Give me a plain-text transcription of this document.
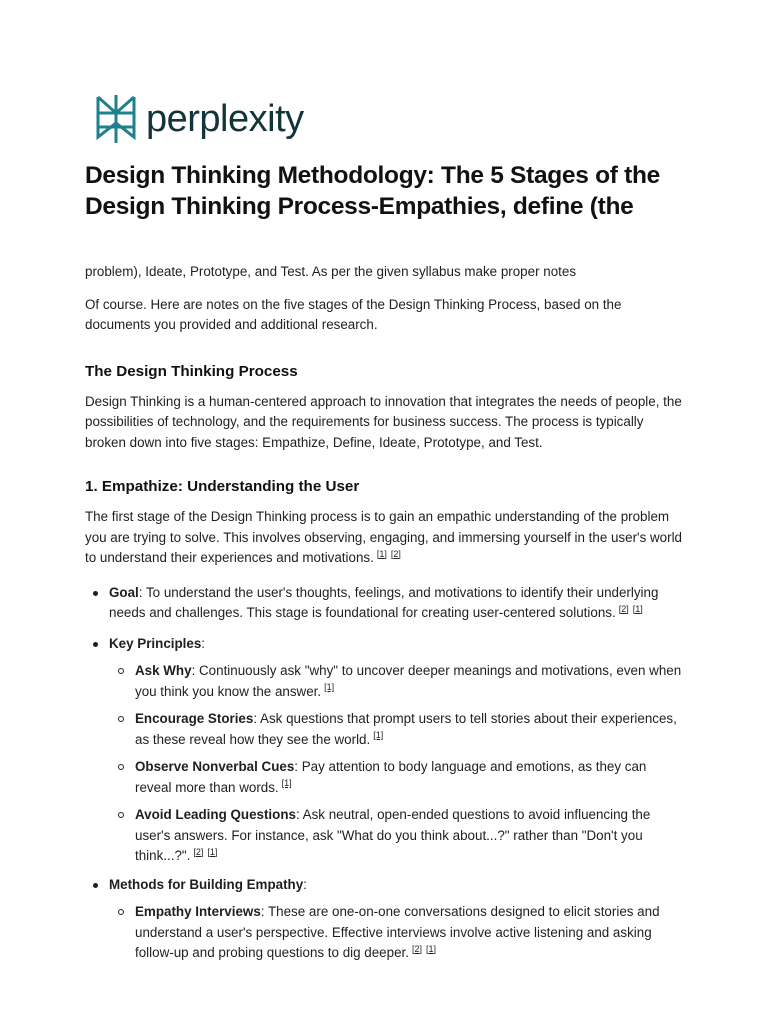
perplexity
Design Thinking Methodology: The 5 Stages of the Design Thinking Process-Empathies, define (the

problem), Ideate, Prototype, and Test. As per the given syllabus make proper notes

Of course. Here are notes on the five stages of the Design Thinking Process, based on the documents you provided and additional research.

The Design Thinking Process

Design Thinking is a human-centered approach to innovation that integrates the needs of people, the possibilities of technology, and the requirements for business success. The process is typically broken down into five stages: Empathize, Define, Ideate, Prototype, and Test.

1. Empathize: Understanding the User

The first stage of the Design Thinking process is to gain an empathic understanding of the problem you are trying to solve. This involves observing, engaging, and immersing yourself in the user's world to understand their experiences and motivations. [1] [2]

Goal: To understand the user's thoughts, feelings, and motivations to identify their underlying needs and challenges. This stage is foundational for creating user-centered solutions. [2] [1]
Key Principles:
Ask Why: Continuously ask "why" to uncover deeper meanings and motivations, even when you think you know the answer. [1]
Encourage Stories: Ask questions that prompt users to tell stories about their experiences, as these reveal how they see the world. [1]
Observe Nonverbal Cues: Pay attention to body language and emotions, as they can reveal more than words. [1]
Avoid Leading Questions: Ask neutral, open-ended questions to avoid influencing the user's answers. For instance, ask "What do you think about...?" rather than "Don't you think...?". [2] [1]
Methods for Building Empathy:
Empathy Interviews: These are one-on-one conversations designed to elicit stories and understand a user's perspective. Effective interviews involve active listening and asking follow-up and probing questions to dig deeper. [2] [1]
